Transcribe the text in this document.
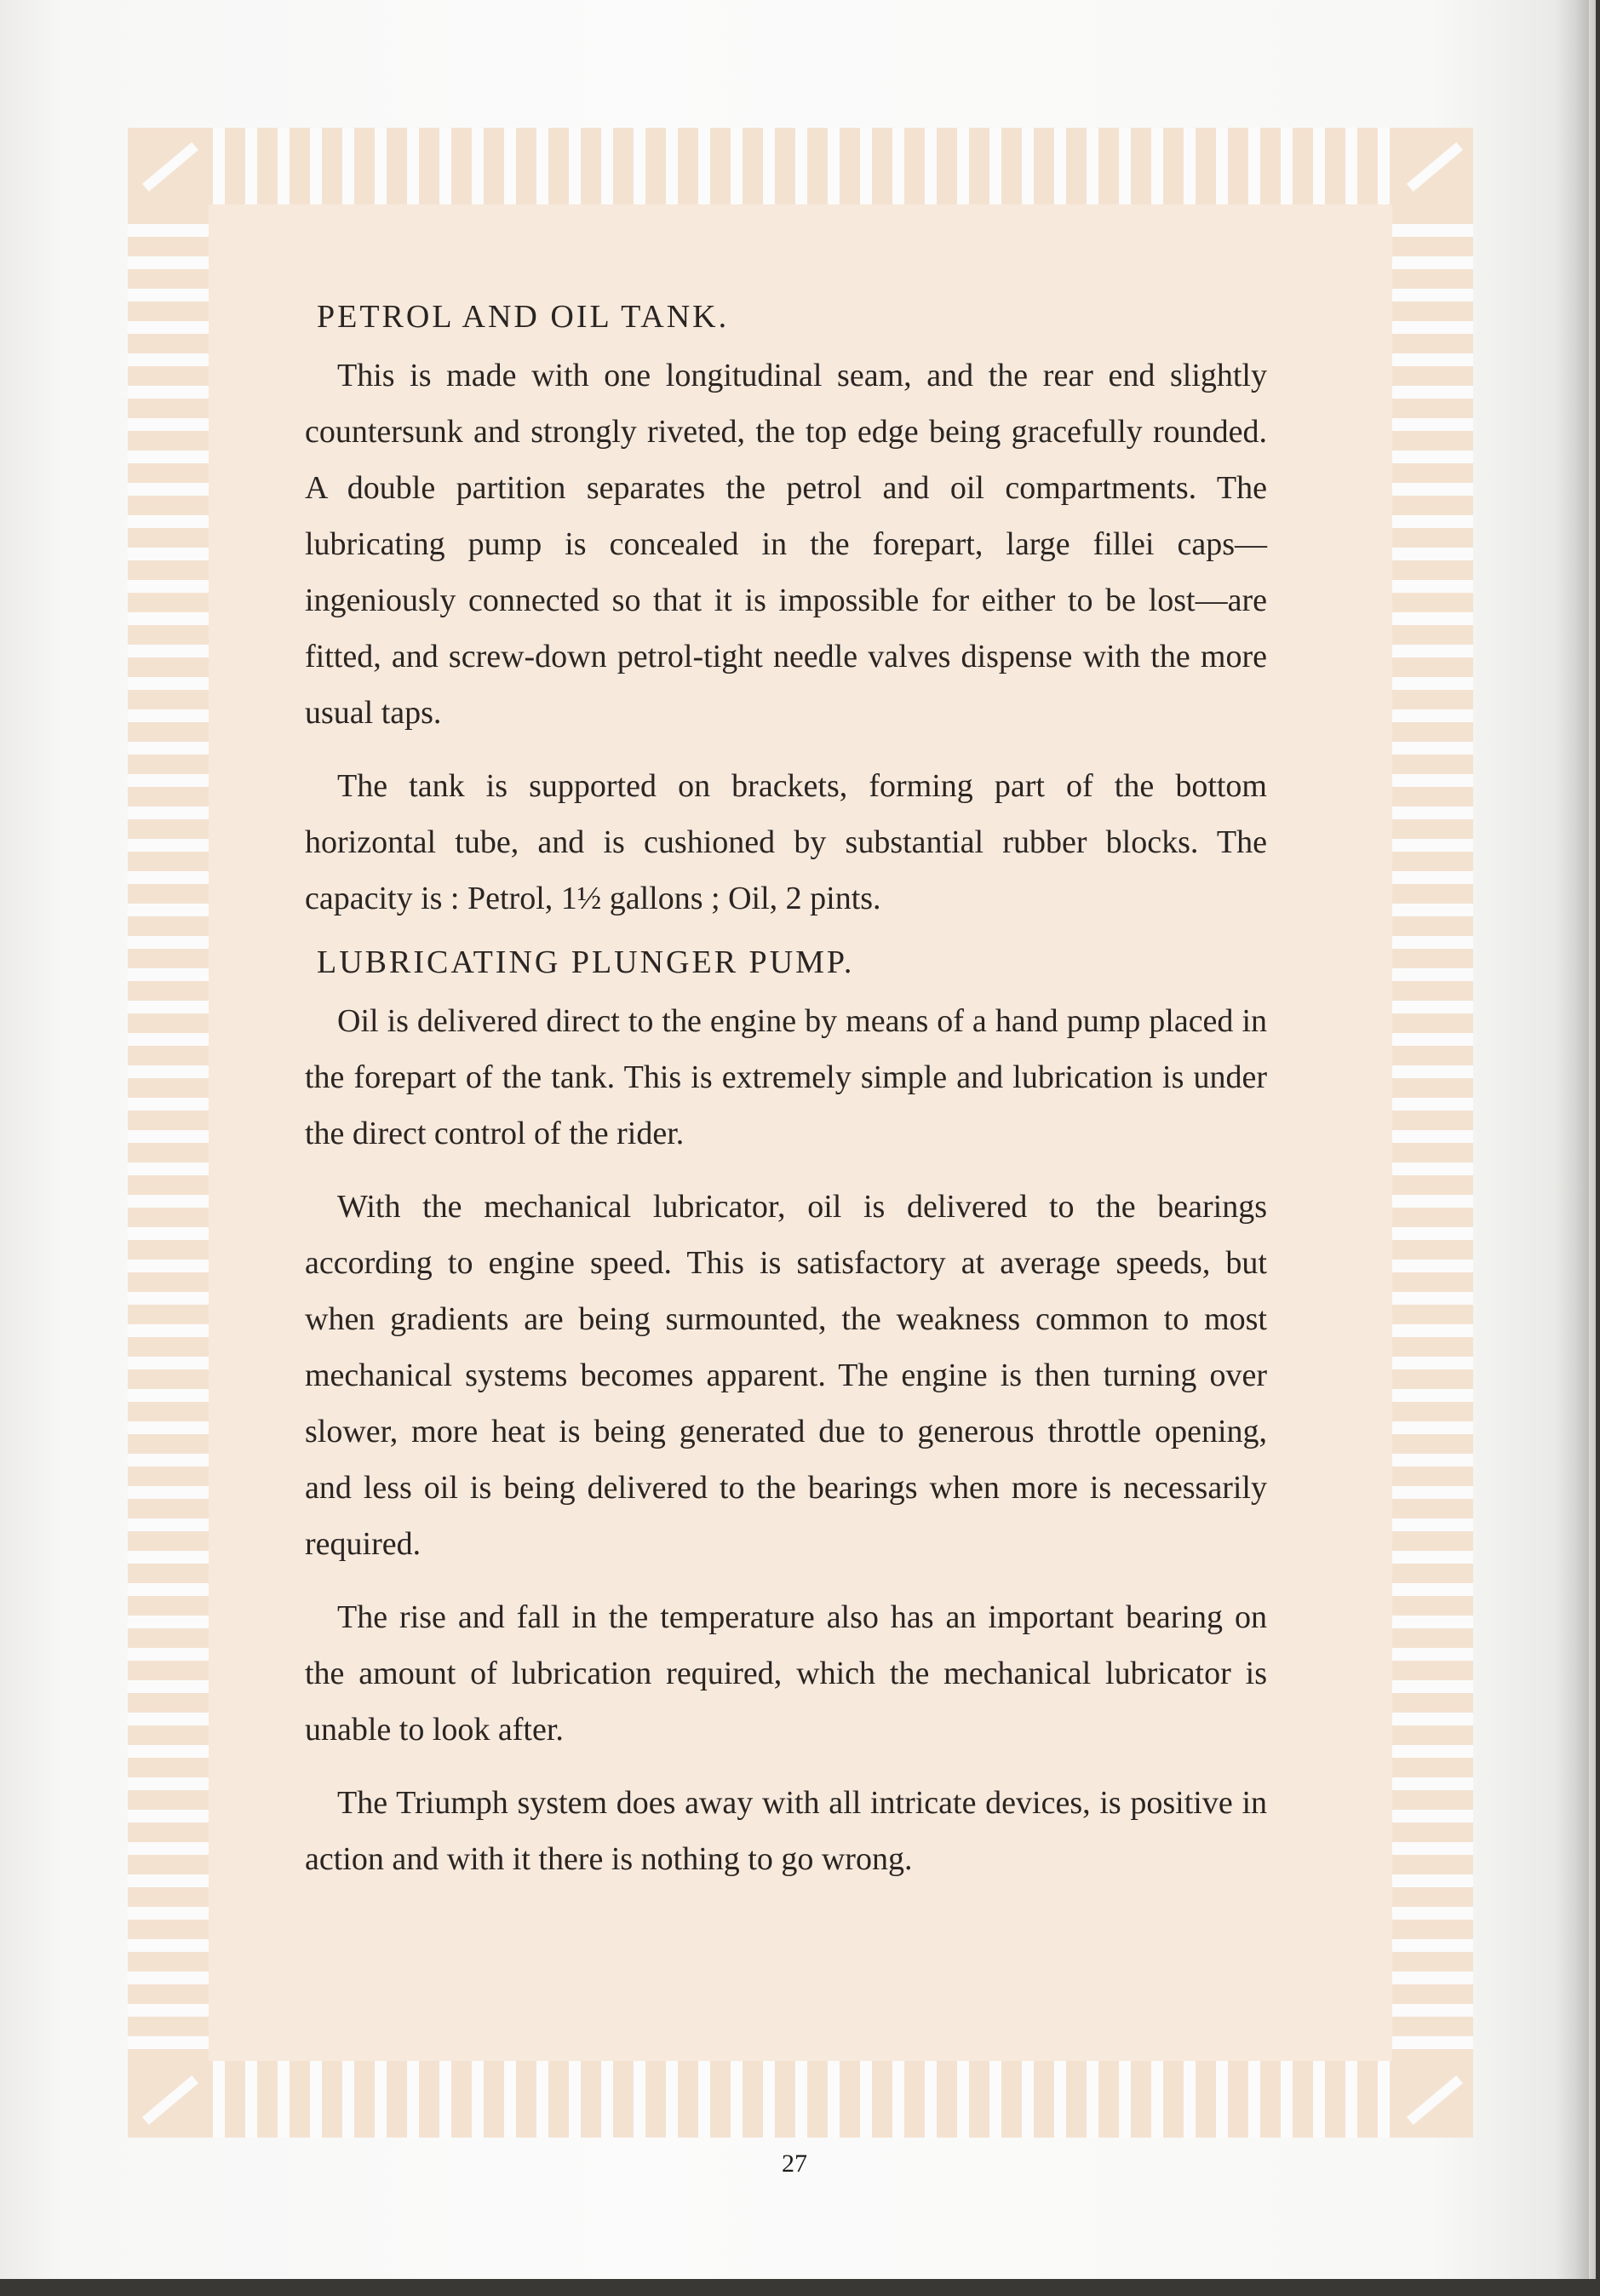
PETROL AND OIL TANK.

This is made with one longitudinal seam, and the rear end slightly countersunk and strongly riveted, the top edge being gracefully rounded. A double partition separates the petrol and oil compartments. The lubricating pump is concealed in the forepart, large fillei caps—ingeniously connected so that it is impossible for either to be lost—are fitted, and screw-down petrol-tight needle valves dispense with the more usual taps.

The tank is supported on brackets, forming part of the bottom horizontal tube, and is cushioned by substantial rubber blocks. The capacity is : Petrol, 1½ gallons ; Oil, 2 pints.

LUBRICATING PLUNGER PUMP.

Oil is delivered direct to the engine by means of a hand pump placed in the forepart of the tank. This is extremely simple and lubrication is under the direct control of the rider.

With the mechanical lubricator, oil is delivered to the bearings according to engine speed. This is satisfactory at average speeds, but when gradients are being surmounted, the weakness common to most mechanical systems becomes apparent. The engine is then turning over slower, more heat is being generated due to generous throttle opening, and less oil is being delivered to the bearings when more is necessarily required.

The rise and fall in the temperature also has an important bearing on the amount of lubrication required, which the mechanical lubricator is unable to look after.

The Triumph system does away with all intricate devices, is positive in action and with it there is nothing to go wrong.

27
